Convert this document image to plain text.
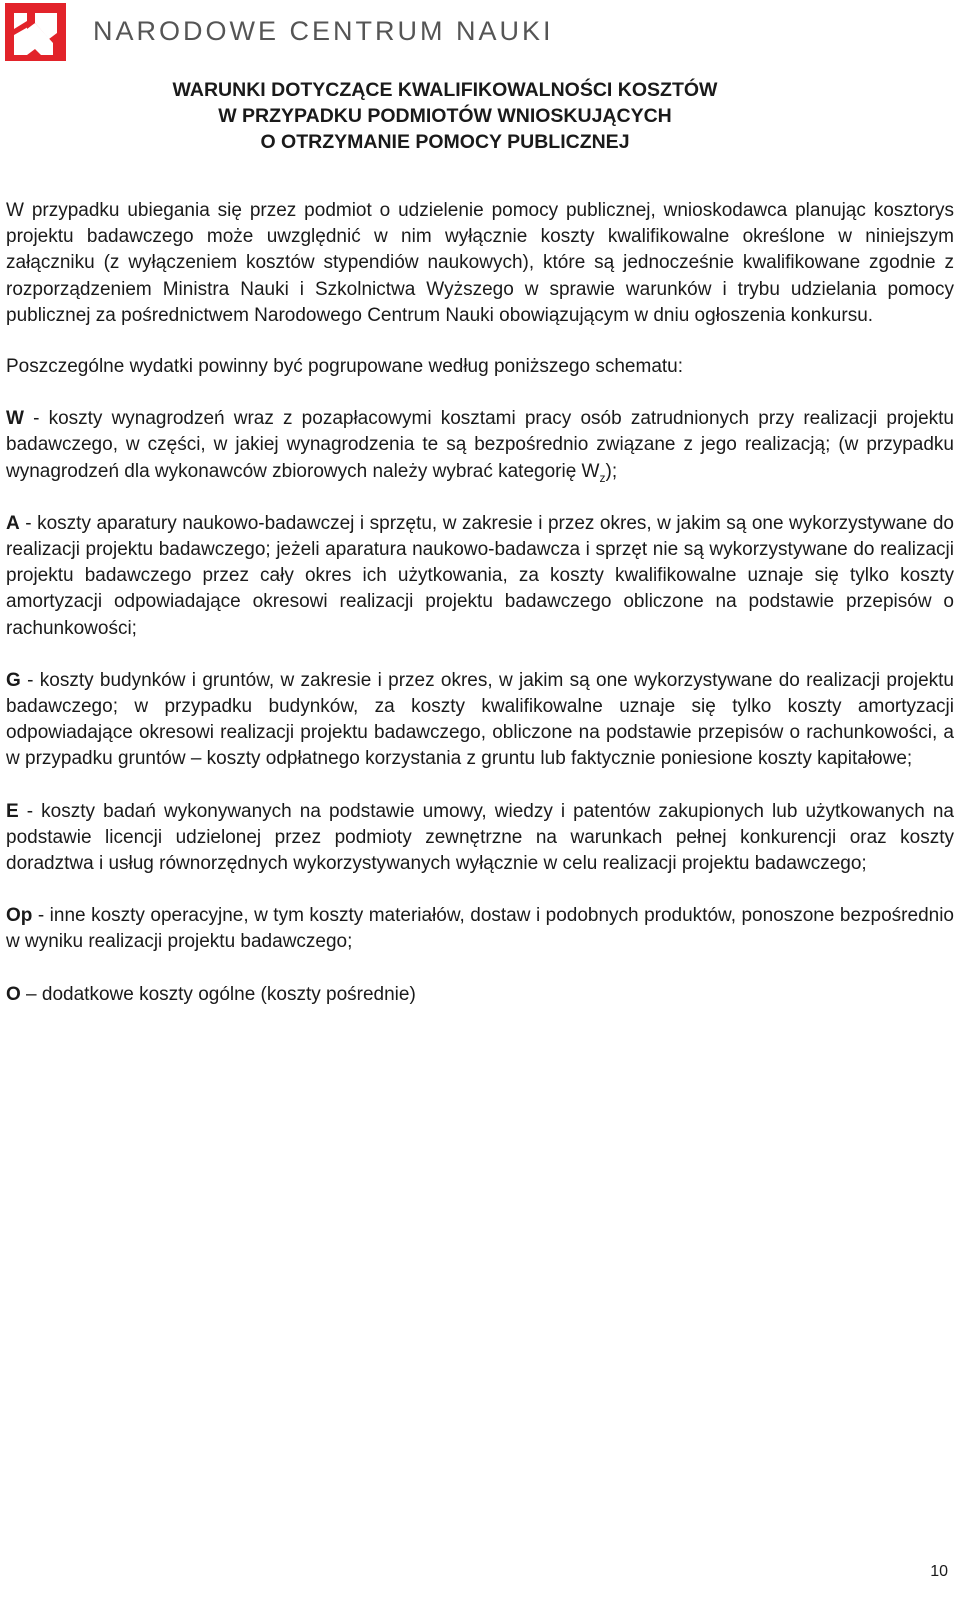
NARODOWE CENTRUM NAUKI
WARUNKI DOTYCZĄCE KWALIFIKOWALNOŚCI KOSZTÓW
W PRZYPADKU PODMIOTÓW WNIOSKUJĄCYCH
O OTRZYMANIE POMOCY PUBLICZNEJ

W przypadku ubiegania się przez podmiot o udzielenie pomocy publicznej, wnioskodawca planując kosztorys projektu badawczego może uwzględnić w nim wyłącznie koszty kwalifikowalne określone w niniejszym załączniku (z wyłączeniem kosztów stypendiów naukowych), które są jednocześnie kwalifikowane zgodnie z rozporządzeniem Ministra Nauki i Szkolnictwa Wyższego w sprawie warunków i trybu udzielania pomocy publicznej za pośrednictwem Narodowego Centrum Nauki obowiązującym w dniu ogłoszenia konkursu.

Poszczególne wydatki powinny być pogrupowane według poniższego schematu:

W - koszty wynagrodzeń wraz z pozapłacowymi kosztami pracy osób zatrudnionych przy realizacji projektu badawczego, w części, w jakiej wynagrodzenia te są bezpośrednio związane z jego realizacją; (w przypadku wynagrodzeń dla wykonawców zbiorowych należy wybrać kategorię $W_z$);

A - koszty aparatury naukowo-badawczej i sprzętu, w zakresie i przez okres, w jakim są one wykorzystywane do realizacji projektu badawczego; jeżeli aparatura naukowo-badawcza i sprzęt nie są wykorzystywane do realizacji projektu badawczego przez cały okres ich użytkowania, za koszty kwalifikowalne uznaje się tylko koszty amortyzacji odpowiadające okresowi realizacji projektu badawczego obliczone na podstawie przepisów o rachunkowości;

G - koszty budynków i gruntów, w zakresie i przez okres, w jakim są one wykorzystywane do realizacji projektu badawczego; w przypadku budynków, za koszty kwalifikowalne uznaje się tylko koszty amortyzacji odpowiadające okresowi realizacji projektu badawczego, obliczone na podstawie przepisów o rachunkowości, a w przypadku gruntów – koszty odpłatnego korzystania z gruntu lub faktycznie poniesione koszty kapitałowe;

E - koszty badań wykonywanych na podstawie umowy, wiedzy i patentów zakupionych lub użytkowanych na podstawie licencji udzielonej przez podmioty zewnętrzne na warunkach pełnej konkurencji oraz koszty doradztwa i usług równorzędnych wykorzystywanych wyłącznie w celu realizacji projektu badawczego;

Op - inne koszty operacyjne, w tym koszty materiałów, dostaw i podobnych produktów, ponoszone bezpośrednio w wyniku realizacji projektu badawczego;

O – dodatkowe koszty ogólne (koszty pośrednie)

10
